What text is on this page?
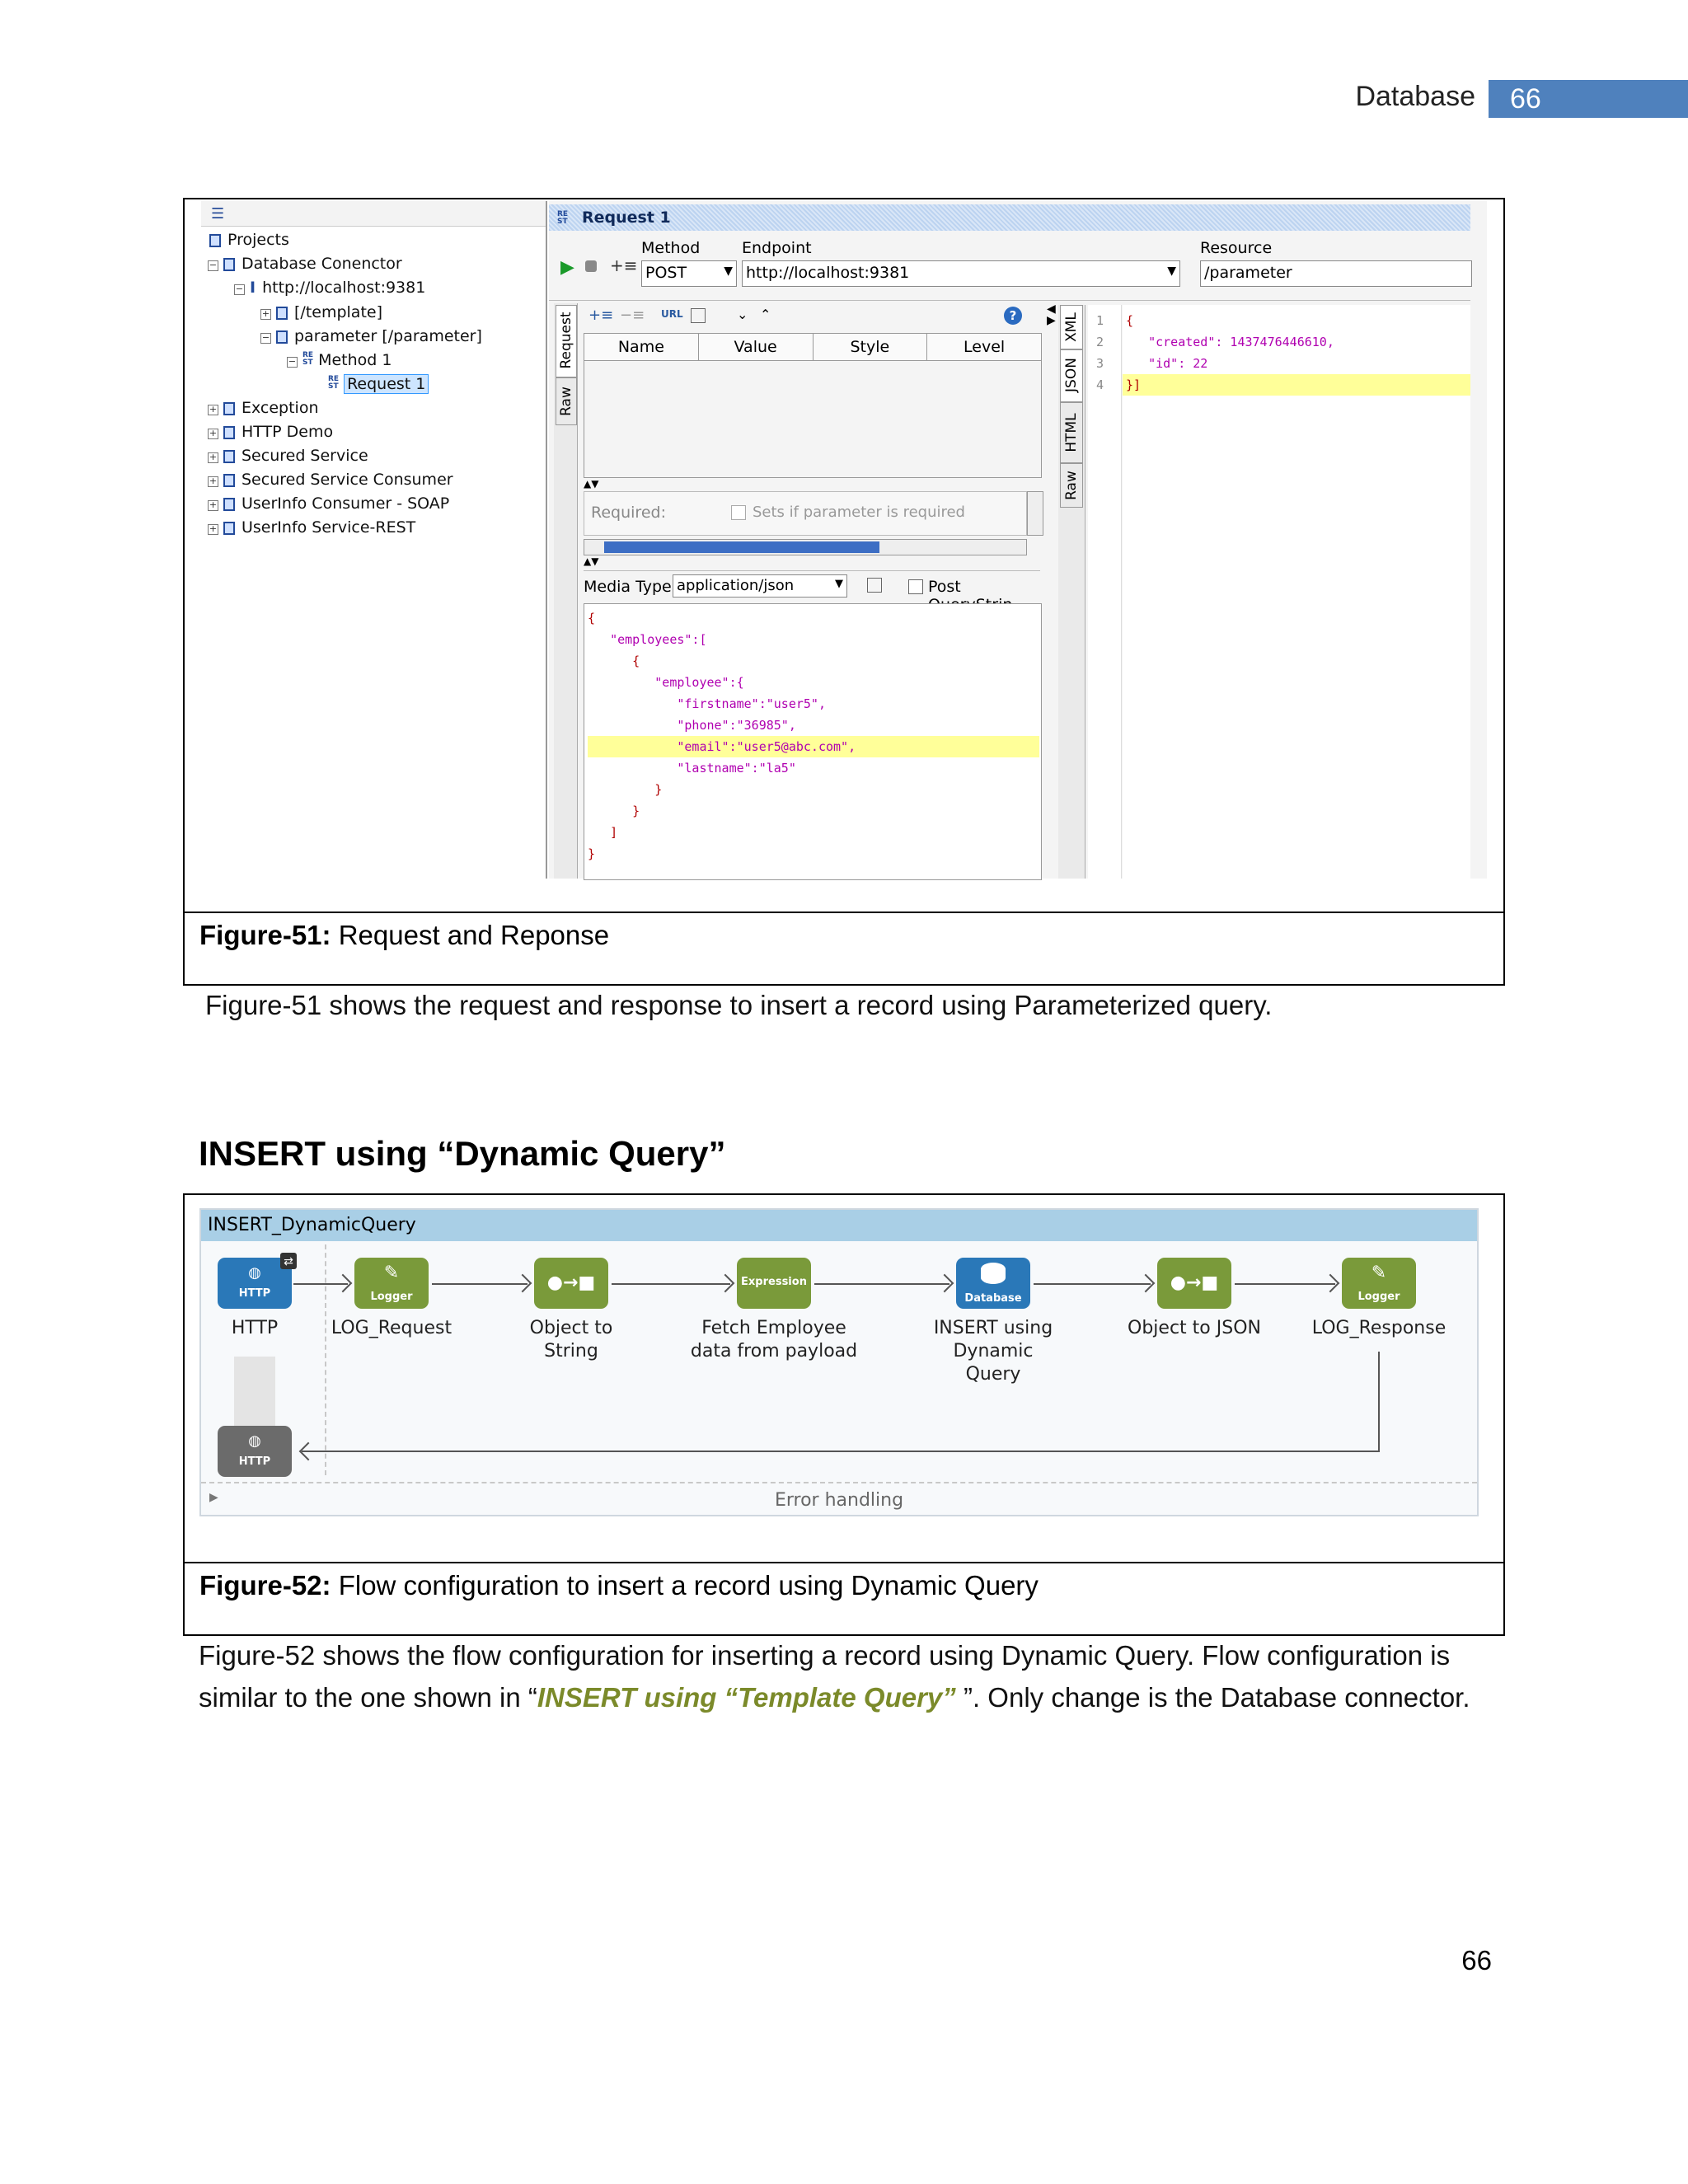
Database	66
☰
Projects
− Database Conenctor
− I http://localhost:9381
+ [/template]
− parameter [/parameter]
−RE
ST Method 1
RE
ST Request 1
+ Exception
+ HTTP Demo
+ Secured Service
+ Secured Service Consumer
+ UserInfo Consumer - SOAP
+ UserInfo Service-REST
RE
ST Request 1
▶ +≡
Method
POST	▼
Endpoint
http://localhost:9381	▼
Resource
/parameter
Request
Raw
+≡ −≡ URL	⌄ ⌃	?
Name	Value	Style	Level
▲▼
Required:	Sets if parameter is required
▲▼
Media Type application/json	▼	Post
{
"employees":[
{
"employee":{
"firstname":"user5",
"phone":"36985",
"email":"user5@abc.com",
"lastname":"la5"
}
}
]
}
◀
▶ XML
JSON
HTML
Raw
1
2
3
4
{
"created": 1437476446610,
"id": 22
}]
Figure-51: Request and Reponse
Figure-51 shows the request and response to insert a record using Parameterized query.
INSERT using “Dynamic Query”
INSERT_DynamicQuery
◍
HTTP
⇄
✎
Logger
●→■	Expression
Database
●→■	✎
Logger
HTTP	LOG_Request	Object to String
Fetch Employee data from payload
INSERT using Dynamic Query
Object to JSON	LOG_Response
◍
HTTP
▶	Error handling
Figure-52: Flow configuration to insert a record using Dynamic Query
Figure-52 shows the flow configuration for inserting a record using Dynamic Query. Flow configuration is similar to the one shown in “INSERT using “Template Query” ”. Only change is the Database connector.
66
